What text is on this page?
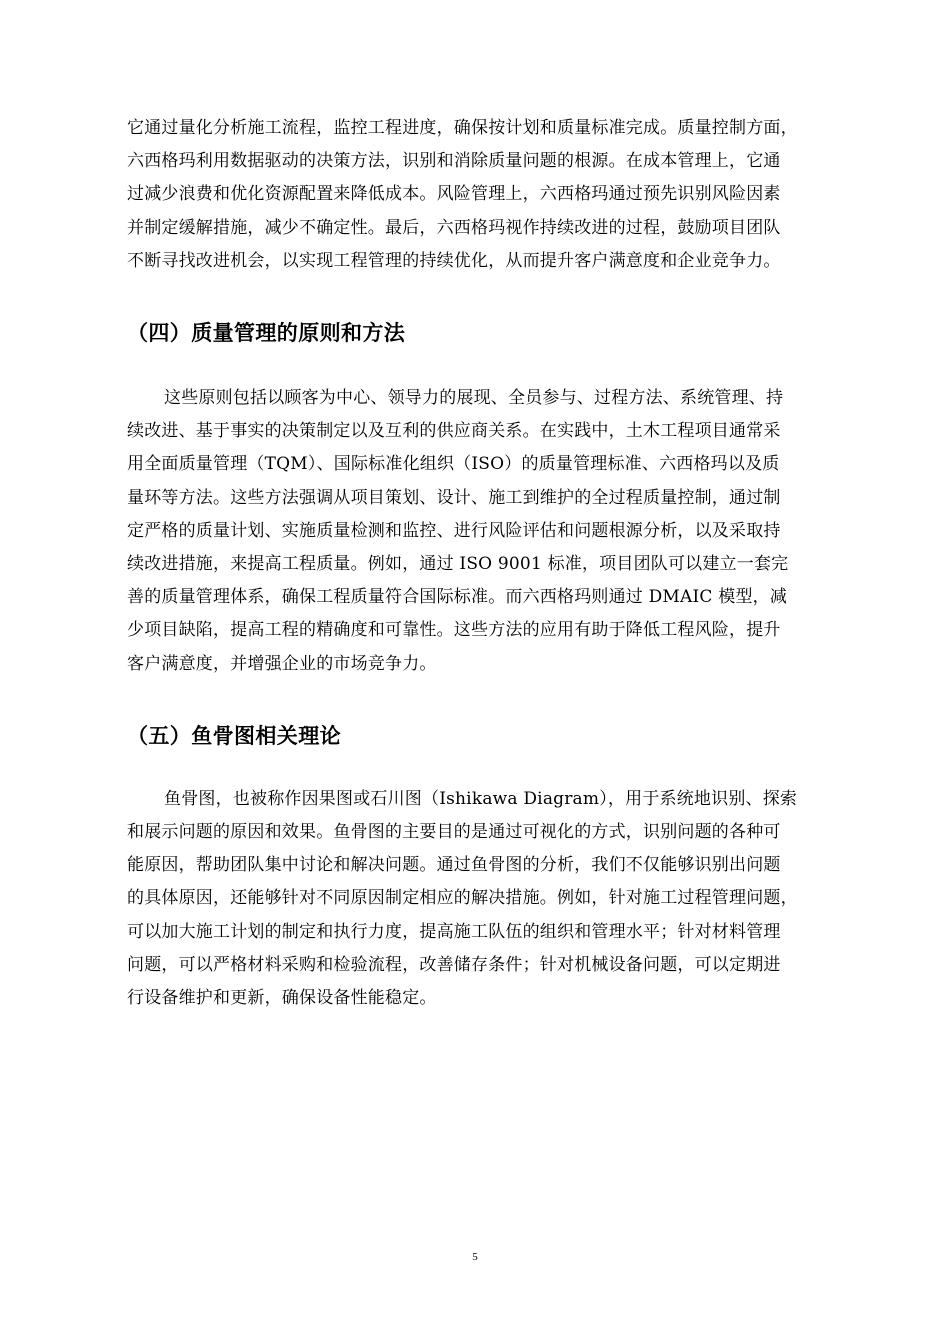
它通过量化分析施工流程，监控工程进度，确保按计划和质量标准完成。质量控制方面，
六西格玛利用数据驱动的决策方法，识别和消除质量问题的根源。在成本管理上，它通
过减少浪费和优化资源配置来降低成本。风险管理上，六西格玛通过预先识别风险因素
并制定缓解措施，减少不确定性。最后，六西格玛视作持续改进的过程，鼓励项目团队
不断寻找改进机会，以实现工程管理的持续优化，从而提升客户满意度和企业竞争力。

（四）质量管理的原则和方法

这些原则包括以顾客为中心、领导力的展现、全员参与、过程方法、系统管理、持
续改进、基于事实的决策制定以及互利的供应商关系。在实践中，土木工程项目通常采
用全面质量管理（TQM）、国际标准化组织（ISO）的质量管理标准、六西格玛以及质
量环等方法。这些方法强调从项目策划、设计、施工到维护的全过程质量控制，通过制
定严格的质量计划、实施质量检测和监控、进行风险评估和问题根源分析，以及采取持
续改进措施，来提高工程质量。例如，通过 ISO 9001 标准，项目团队可以建立一套完
善的质量管理体系，确保工程质量符合国际标准。而六西格玛则通过 DMAIC 模型，减
少项目缺陷，提高工程的精确度和可靠性。这些方法的应用有助于降低工程风险，提升
客户满意度，并增强企业的市场竞争力。

（五）鱼骨图相关理论

鱼骨图，也被称作因果图或石川图（Ishikawa Diagram），用于系统地识别、探索
和展示问题的原因和效果。鱼骨图的主要目的是通过可视化的方式，识别问题的各种可
能原因，帮助团队集中讨论和解决问题。通过鱼骨图的分析，我们不仅能够识别出问题
的具体原因，还能够针对不同原因制定相应的解决措施。例如，针对施工过程管理问题，
可以加大施工计划的制定和执行力度，提高施工队伍的组织和管理水平；针对材料管理
问题，可以严格材料采购和检验流程，改善储存条件；针对机械设备问题，可以定期进
行设备维护和更新，确保设备性能稳定。

5
